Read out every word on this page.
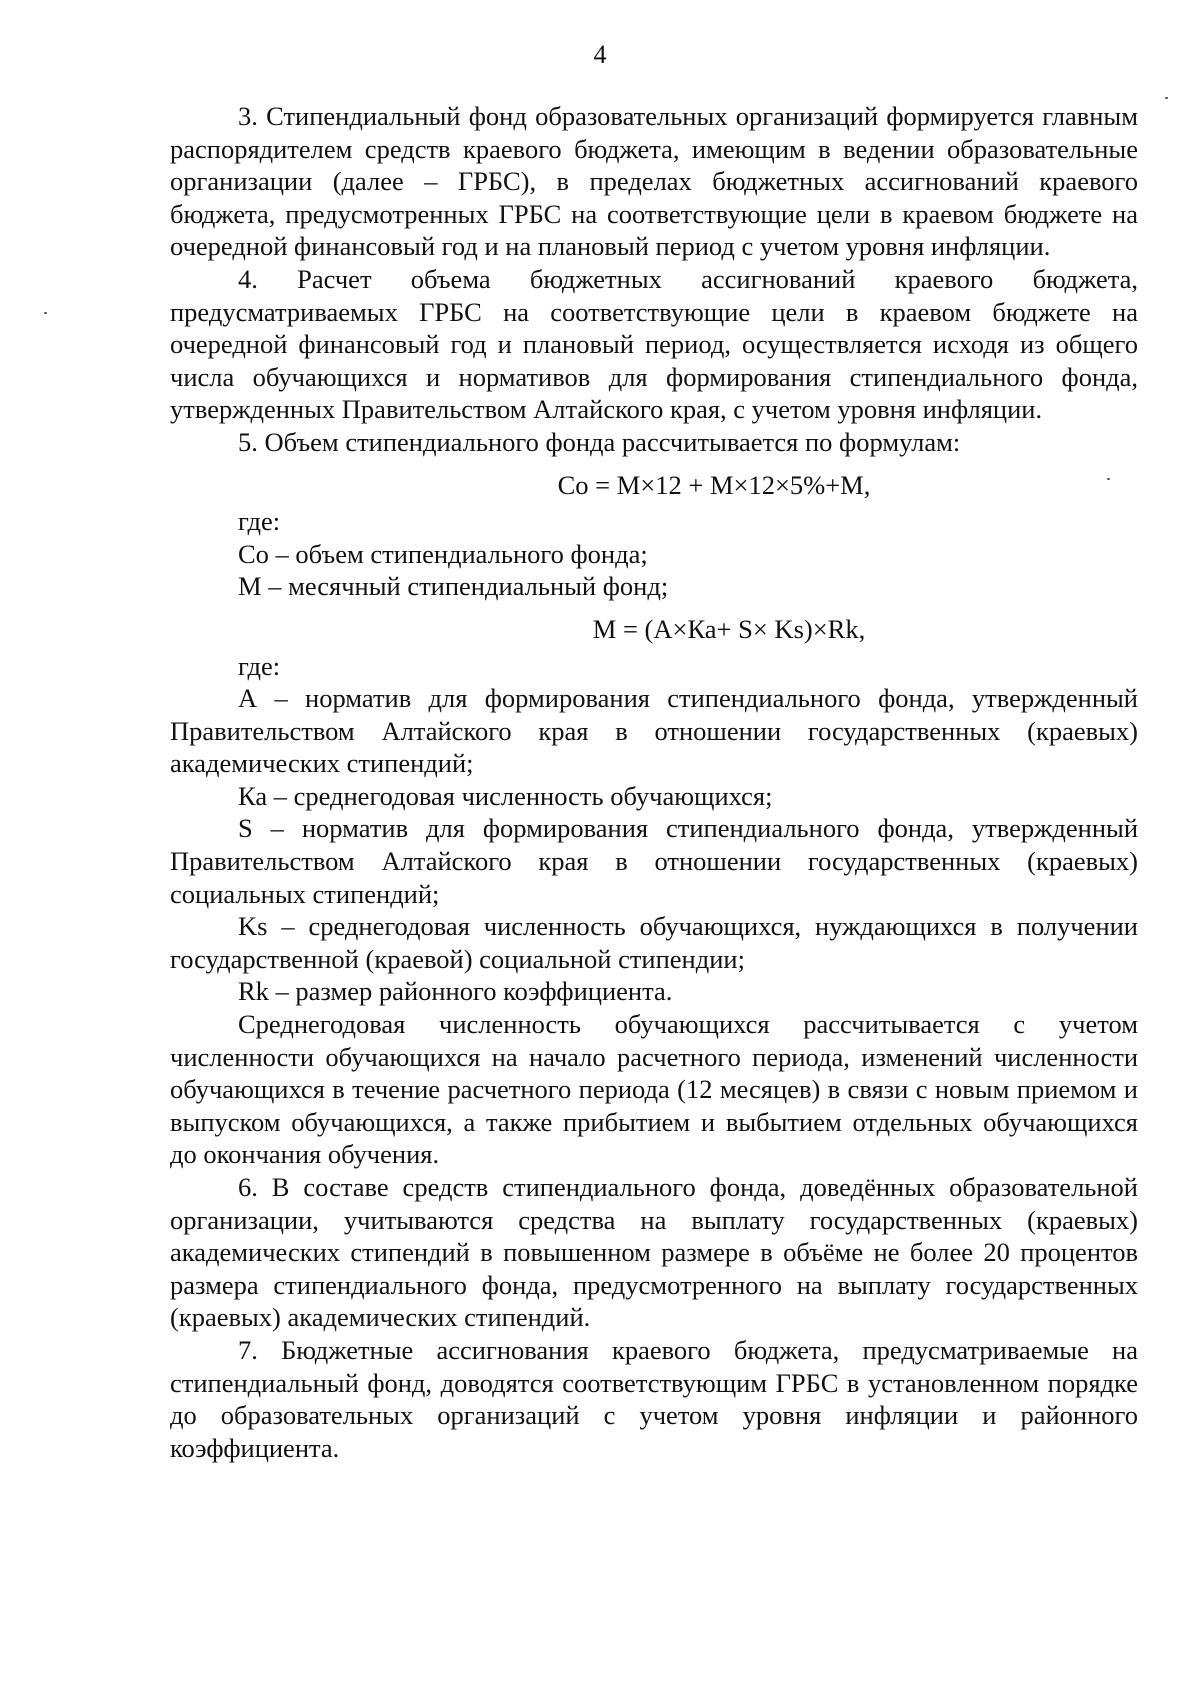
4

3. Стипендиальный фонд образовательных организаций формируется главным распорядителем средств краевого бюджета, имеющим в ведении образовательные организации (далее – ГРБС), в пределах бюджетных ассигнований краевого бюджета, предусмотренных ГРБС на соответствующие цели в краевом бюджете на очередной финансовый год и на плановый период с учетом уровня инфляции.

4. Расчет объема бюджетных ассигнований краевого бюджета, предусматриваемых ГРБС на соответствующие цели в краевом бюджете на очередной финансовый год и плановый период, осуществляется исходя из общего числа обучающихся и нормативов для формирования стипендиального фонда, утвержденных Правительством Алтайского края, с учетом уровня инфляции.

5. Объем стипендиального фонда рассчитывается по формулам:

Со = М×12 + М×12×5%+М,

где:

Со – объем стипендиального фонда;

М – месячный стипендиальный фонд;

М = (А×Ка+ S× Ks)×Rk,

где:

А – норматив для формирования стипендиального фонда, утвержденный Правительством Алтайского края в отношении государственных (краевых) академических стипендий;

Ка – среднегодовая численность обучающихся;

S – норматив для формирования стипендиального фонда, утвержденный Правительством Алтайского края в отношении государственных (краевых) социальных стипендий;

Ks – среднегодовая численность обучающихся, нуждающихся в получении государственной (краевой) социальной стипендии;

Rk – размер районного коэффициента.

Среднегодовая численность обучающихся рассчитывается с учетом численности обучающихся на начало расчетного периода, изменений численности обучающихся в течение расчетного периода (12 месяцев) в связи с новым приемом и выпуском обучающихся, а также прибытием и выбытием отдельных обучающихся до окончания обучения.

6. В составе средств стипендиального фонда, доведённых образовательной организации, учитываются средства на выплату государственных (краевых) академических стипендий в повышенном размере в объёме не более 20 процентов размера стипендиального фонда, предусмотренного на выплату государственных (краевых) академических стипендий.

7. Бюджетные ассигнования краевого бюджета, предусматриваемые на стипендиальный фонд, доводятся соответствующим ГРБС в установленном порядке до образовательных организаций с учетом уровня инфляции и районного коэффициента.
